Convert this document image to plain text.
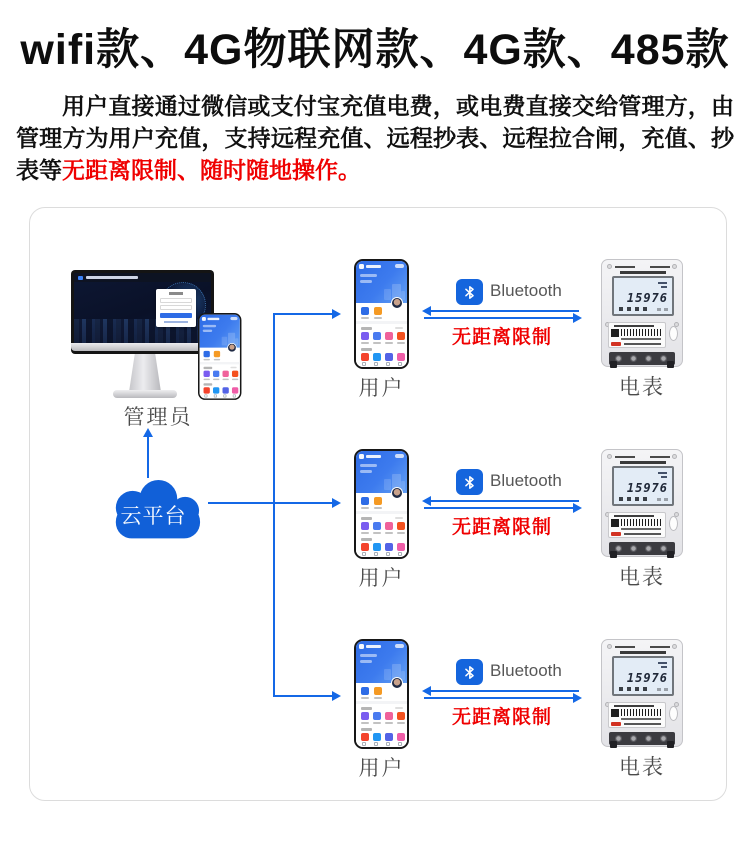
wifi款、4G物联网款、4G款、485款

用户直接通过微信或支付宝充值电费，或电费直接交给管理方，由管理方为用户充值，支持远程充值、远程抄表、远程拉合闸，充值、抄表等无距离限制、随时随地操作。

管理员
云平台
用户
Bluetooth
无距离限制
15976
电表
用户
Bluetooth
无距离限制
15976
电表
用户
Bluetooth
无距离限制
15976
电表
